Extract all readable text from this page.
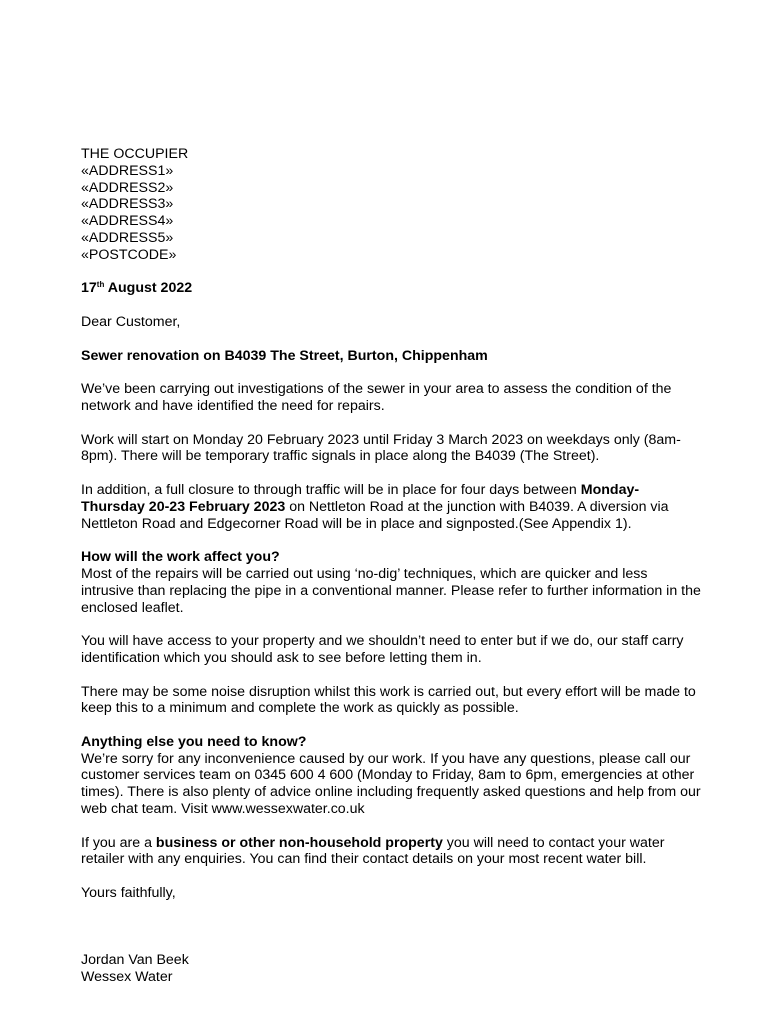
THE OCCUPIER
«ADDRESS1»
«ADDRESS2»
«ADDRESS3»
«ADDRESS4»
«ADDRESS5»
«POSTCODE»

17th August 2022

Dear Customer,

Sewer renovation on B4039 The Street, Burton, Chippenham

We’ve been carrying out investigations of the sewer in your area to assess the condition of the network and have identified the need for repairs.

Work will start on Monday 20 February 2023 until Friday 3 March 2023 on weekdays only (8am-8pm). There will be temporary traffic signals in place along the B4039 (The Street).

In addition, a full closure to through traffic will be in place for four days between Monday-Thursday 20-23 February 2023 on Nettleton Road at the junction with B4039. A diversion via Nettleton Road and Edgecorner Road will be in place and signposted.(See Appendix 1).

How will the work affect you?

Most of the repairs will be carried out using ‘no-dig’ techniques, which are quicker and less intrusive than replacing the pipe in a conventional manner. Please refer to further information in the enclosed leaflet.

You will have access to your property and we shouldn’t need to enter but if we do, our staff carry identification which you should ask to see before letting them in.

There may be some noise disruption whilst this work is carried out, but every effort will be made to keep this to a minimum and complete the work as quickly as possible.

Anything else you need to know?

We’re sorry for any inconvenience caused by our work. If you have any questions, please call our customer services team on 0345 600 4 600 (Monday to Friday, 8am to 6pm, emergencies at other times). There is also plenty of advice online including frequently asked questions and help from our web chat team. Visit www.wessexwater.co.uk

If you are a business or other non-household property you will need to contact your water retailer with any enquiries. You can find their contact details on your most recent water bill.

Yours faithfully,

Jordan Van Beek

Wessex Water
